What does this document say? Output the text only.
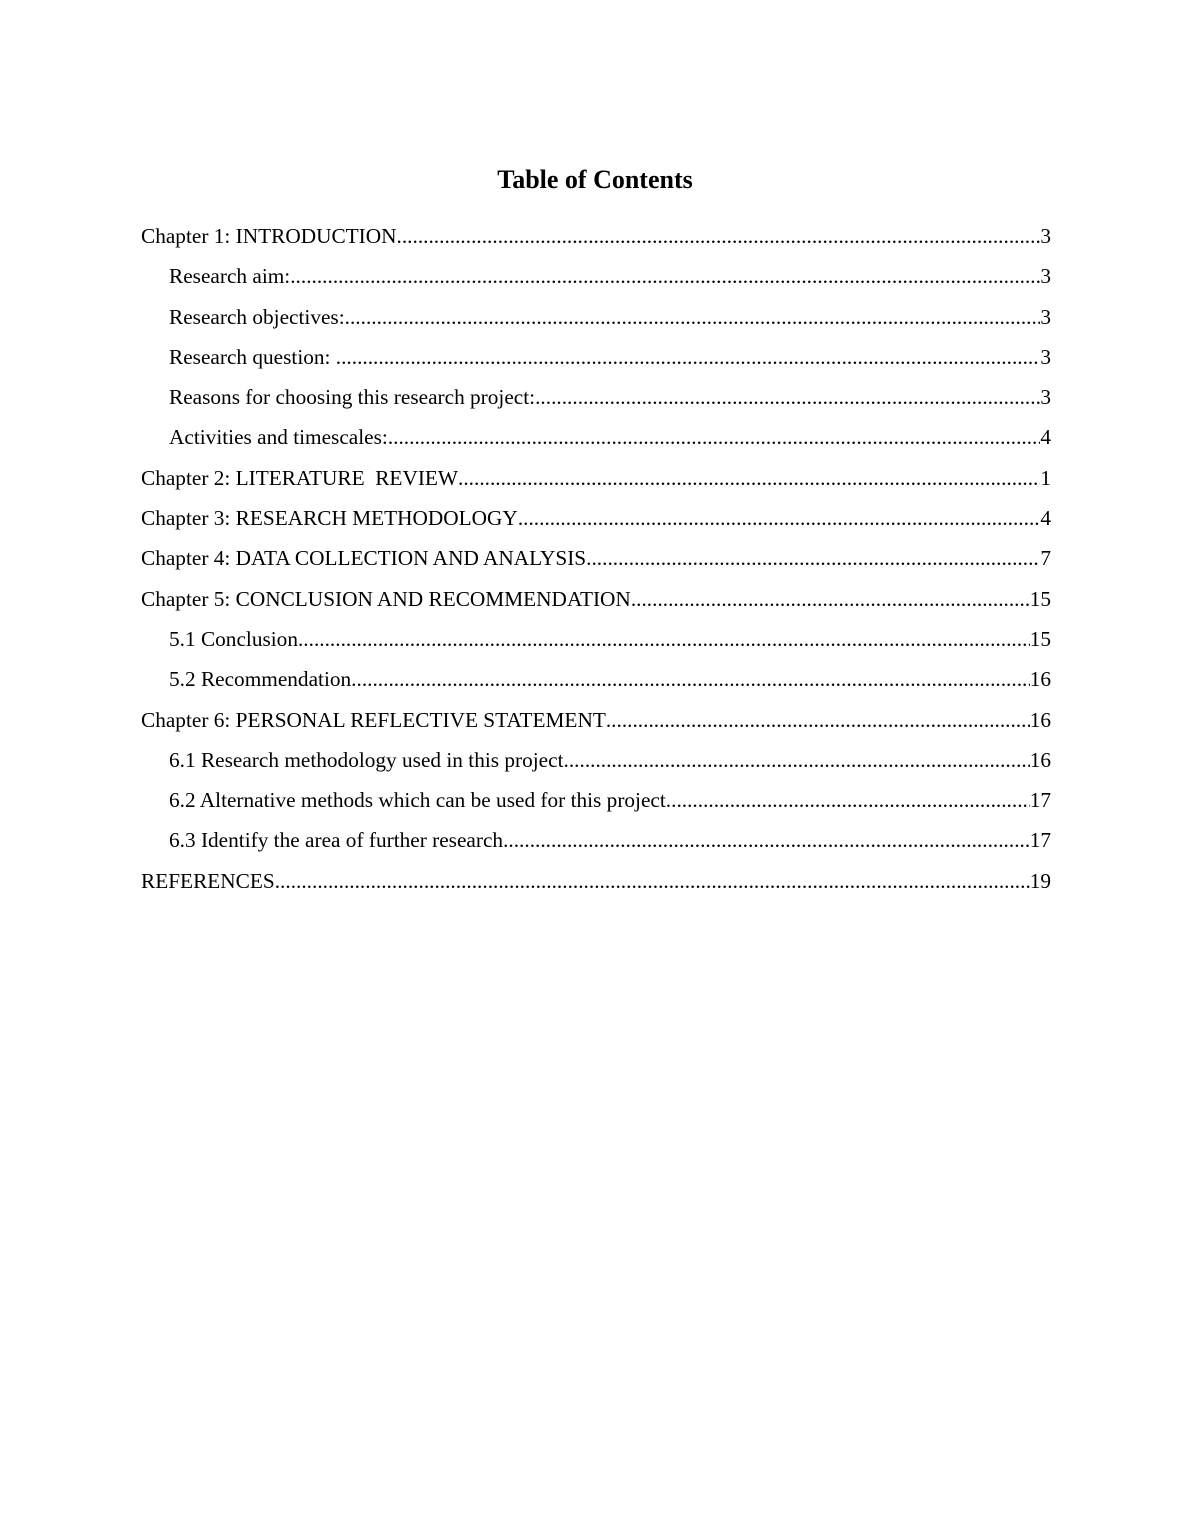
Table of Contents
Chapter 1: INTRODUCTION .....	3
Research aim: .....	3
Research objectives: .....	3
Research question: .....	3
Reasons for choosing this research project: .....	3
Activities and timescales: .....	4
Chapter 2: LITERATURE  REVIEW .....	1
Chapter 3: RESEARCH METHODOLOGY .....	4
Chapter 4: DATA COLLECTION AND ANALYSIS .....	7
Chapter 5: CONCLUSION AND RECOMMENDATION .....	15
5.1 Conclusion .....	15
5.2 Recommendation .....	16
Chapter 6: PERSONAL REFLECTIVE STATEMENT .....	16
6.1 Research methodology used in this project .....	16
6.2 Alternative methods which can be used for this project .....	17
6.3 Identify the area of further research .....	17
REFERENCES .....	19
